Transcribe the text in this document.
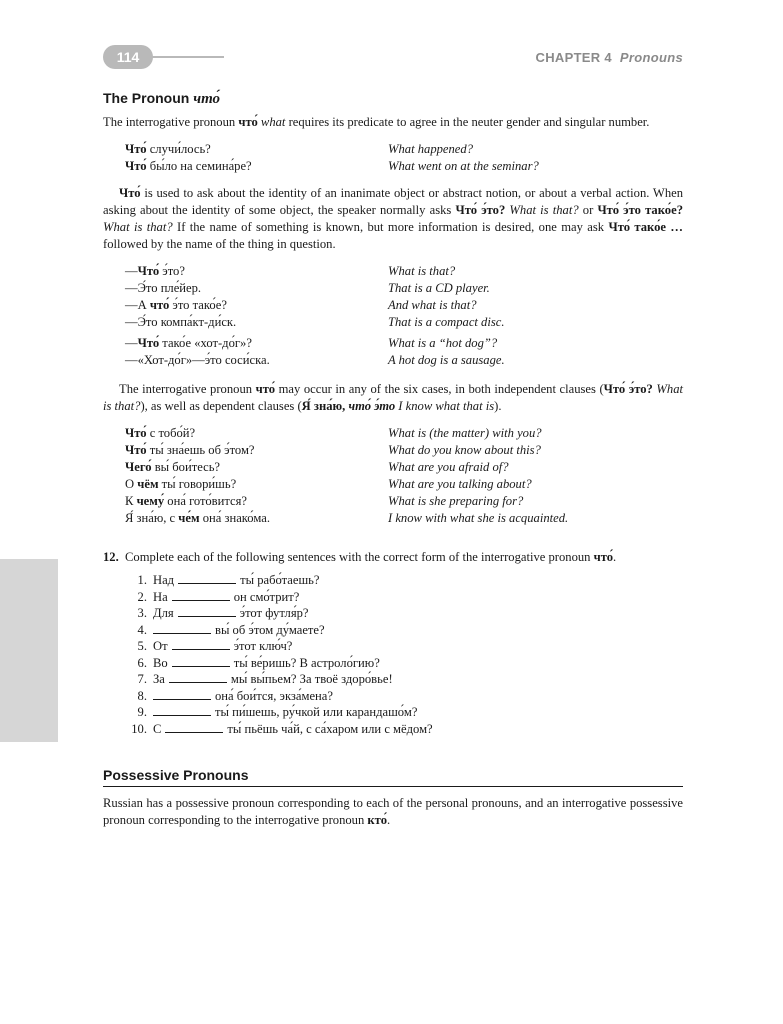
114	CHAPTER 4 Pronouns
The Pronoun что́

The interrogative pronoun что́ what requires its predicate to agree in the neuter gender and singular number.

Что́ случи́лось?	What happened?
Что́ бы́ло на семина́ре?	What went on at the seminar?

Что́ is used to ask about the identity of an inanimate object or abstract notion, or about a verbal action. When asking about the identity of some object, the speaker normally asks Что́ э́то? What is that? or Что́ э́то тако́е? What is that? If the name of something is known, but more information is desired, one may ask Что́ тако́е … followed by the name of the thing in question.

—Что́ э́то?	What is that?
—Э́то пле́йер.	That is a CD player.
—А что́ э́то тако́е?	And what is that?
—Э́то компа́кт-ди́ск.	That is a compact disc.
—Что́ тако́е «хот-до́г»?	What is a “hot dog”?
—«Хот-до́г»—э́то соси́ска.	A hot dog is a sausage.

The interrogative pronoun что́ may occur in any of the six cases, in both independent clauses (Что́ э́то? What is that?), as well as dependent clauses (Я́ зна́ю, что́ э́то I know what that is).

Что́ с тобо́й?	What is (the matter) with you?
Что́ ты́ зна́ешь об э́том?	What do you know about this?
Чего́ вы́ бои́тесь?	What are you afraid of?
О чём ты́ говори́шь?	What are you talking about?
К чему́ она́ гото́вится?	What is she preparing for?
Я́ зна́ю, с че́м она́ знако́ма.	I know with what she is acquainted.
12. Complete each of the following sentences with the correct form of the interrogative pronoun что́.
1. Над	ты́ рабо́таешь?
2. На	он смо́трит?
3. Для	э́тот футля́р?
4.	вы́ об э́том ду́маете?
5. От	э́тот клю́ч?
6. Во	ты́ ве́ришь? В астроло́гию?
7. За	мы́ вы́пьем? За твоё здоро́вье!
8.	она́ бои́тся, экза́мена?
9.	ты́ пи́шешь, ру́чкой или карандашо́м?
10. С	ты́ пьёшь ча́й, с са́харом или с мёдом?
Possessive Pronouns

Russian has a possessive pronoun corresponding to each of the personal pronouns, and an interrogative possessive pronoun corresponding to the interrogative pronoun кто́.
